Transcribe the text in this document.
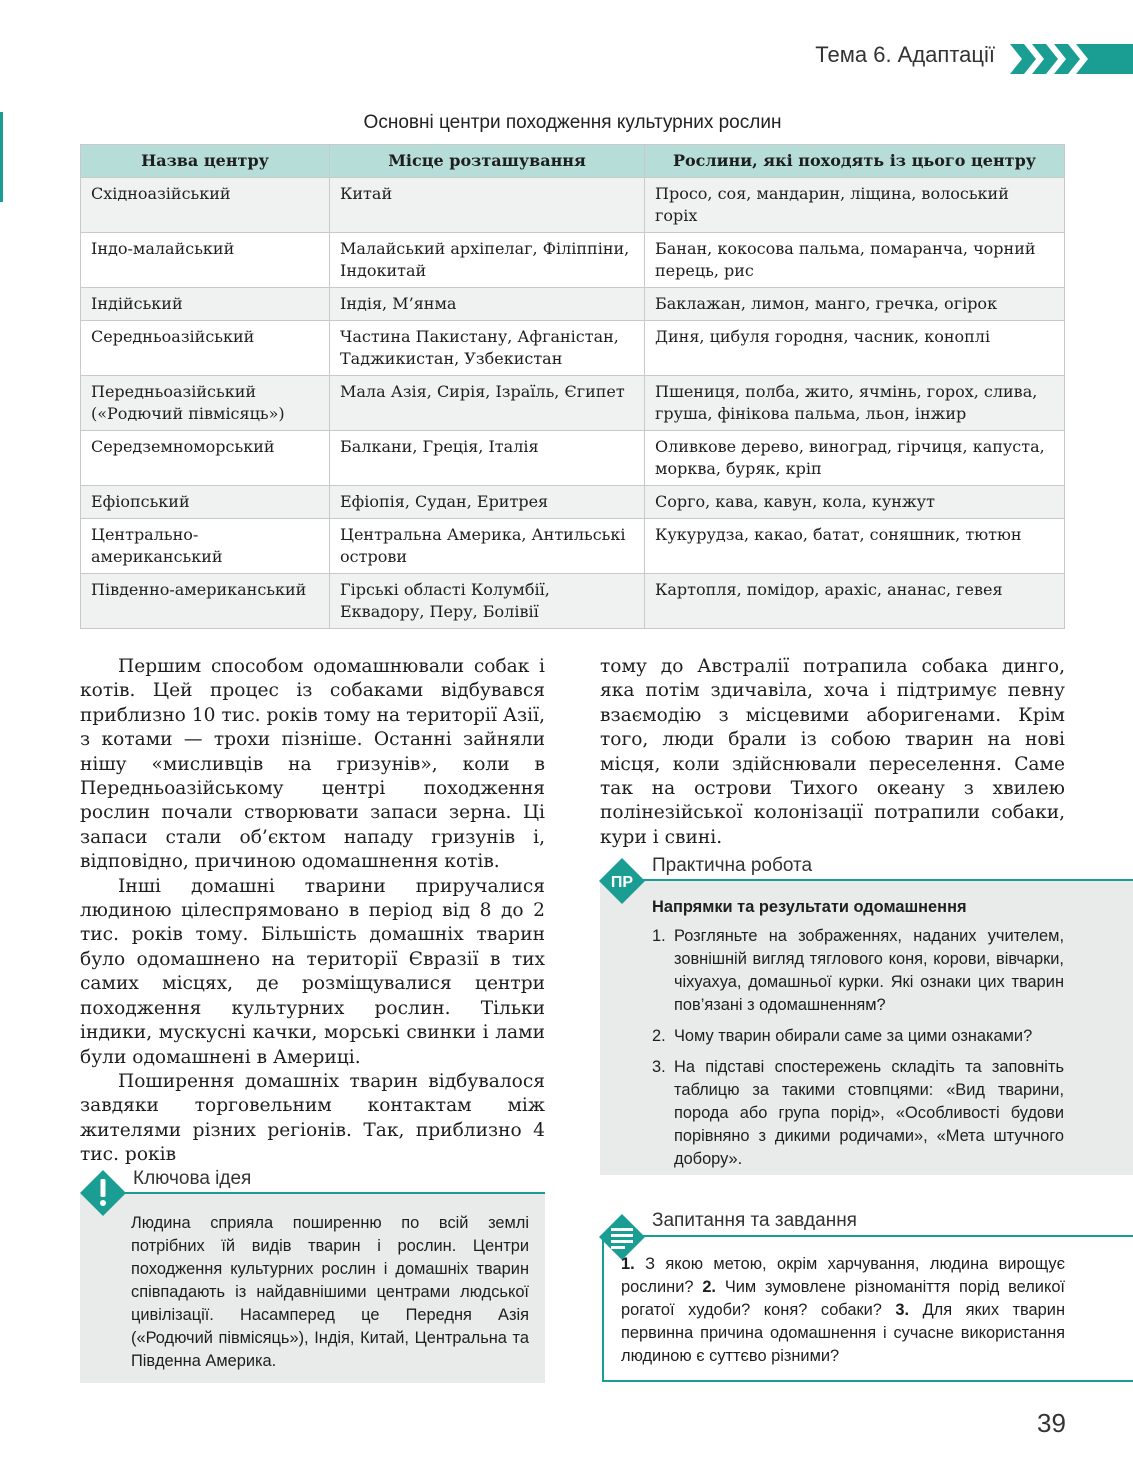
Тема 6. Адаптації
Основні центри походження культурних рослин
Назва центру	Місце розташування	Рослини, які походять із цього центру
Східноазійський	Китай	Просо, соя, мандарин, ліщина, волоський горіх
Індо-малайський	Малайський архіпелаг, Філіппіни, Індокитай	Банан, кокосова пальма, помаранча, чорний перець, рис
Індійський	Індія, М’янма	Баклажан, лимон, манго, гречка, огірок
Середньоазійський	Частина Пакистану, Афганістан, Таджикистан, Узбекистан	Диня, цибуля городня, часник, коноплі
Передньоазійський («Родючий півмісяць»)	Мала Азія, Сирія, Ізраїль, Єгипет	Пшениця, полба, жито, ячмінь, горох, слива, груша, фінікова пальма, льон, інжир
Середземноморський	Балкани, Греція, Італія	Оливкове дерево, виноград, гірчиця, капуста, морква, буряк, кріп
Ефіопський	Ефіопія, Судан, Еритрея	Сорго, кава, кавун, кола, кунжут
Центрально-американський	Центральна Америка, Антильські острови	Кукурудза, какао, батат, соняшник, тютюн
Південно-американський	Гірські області Колумбії, Еквадору, Перу, Болівії	Картопля, помідор, арахіс, ананас, гевея

Першим способом одомашнювали собак і котів. Цей процес із собаками відбувався приблизно 10 тис. років тому на території Азії, з котами — трохи пізніше. Останні зайняли нішу «мисливців на гризунів», коли в Передньоазійському центрі походження рослин почали створювати запаси зерна. Ці запаси стали об’єктом нападу гризунів і, відповідно, причиною одомашнення котів.

Інші домашні тварини приручалися людиною цілеспрямовано в період від 8 до 2 тис. років тому. Більшість домашніх тварин було одомашнено на території Євразії в тих самих місцях, де розміщувалися центри походження культурних рослин. Тільки індики, мускусні качки, морські свинки і лами були одомашнені в Америці.

Поширення домашніх тварин відбувалося завдяки торговельним контактам між жителями різних регіонів. Так, приблизно 4 тис. років

тому до Австралії потрапила собака динго, яка потім здичавіла, хоча і підтримує певну взаємодію з місцевими аборигенами. Крім того, люди брали із собою тварин на нові місця, коли здійснювали переселення. Саме так на острови Тихого океану з хвилею полінезійської колонізації потрапили собаки, кури і свині.

Ключова ідея
Людина сприяла поширенню по всій землі потрібних їй видів тварин і рослин. Центри походження культурних рослин і домашніх тварин співпадають із найдавнішими центрами людської цивілізації. Насамперед це Передня Азія («Родючий півмісяць»), Індія, Китай, Центральна та Південна Америка.
ПР
Практична робота
Напрямки та результати одомашнення
1. Розгляньте на зображеннях, наданих учителем, зовнішній вигляд тяглового коня, корови, вівчарки, чіхуахуа, домашньої курки. Які ознаки цих тварин пов’язані з одомашненням?
2. Чому тварин обирали саме за цими ознаками?
3. На підставі спостережень складіть та заповніть таблицю за такими стовпцями: «Вид тварини, порода або група порід», «Особливості будови порівняно з дикими родичами», «Мета штучного добору».
Запитання та завдання
1. З якою метою, окрім харчування, людина вирощує рослини? 2. Чим зумовлене різноманіття порід великої рогатої худоби? коня? собаки? 3. Для яких тварин первинна причина одомашнення і сучасне використання людиною є суттєво різними?
39
